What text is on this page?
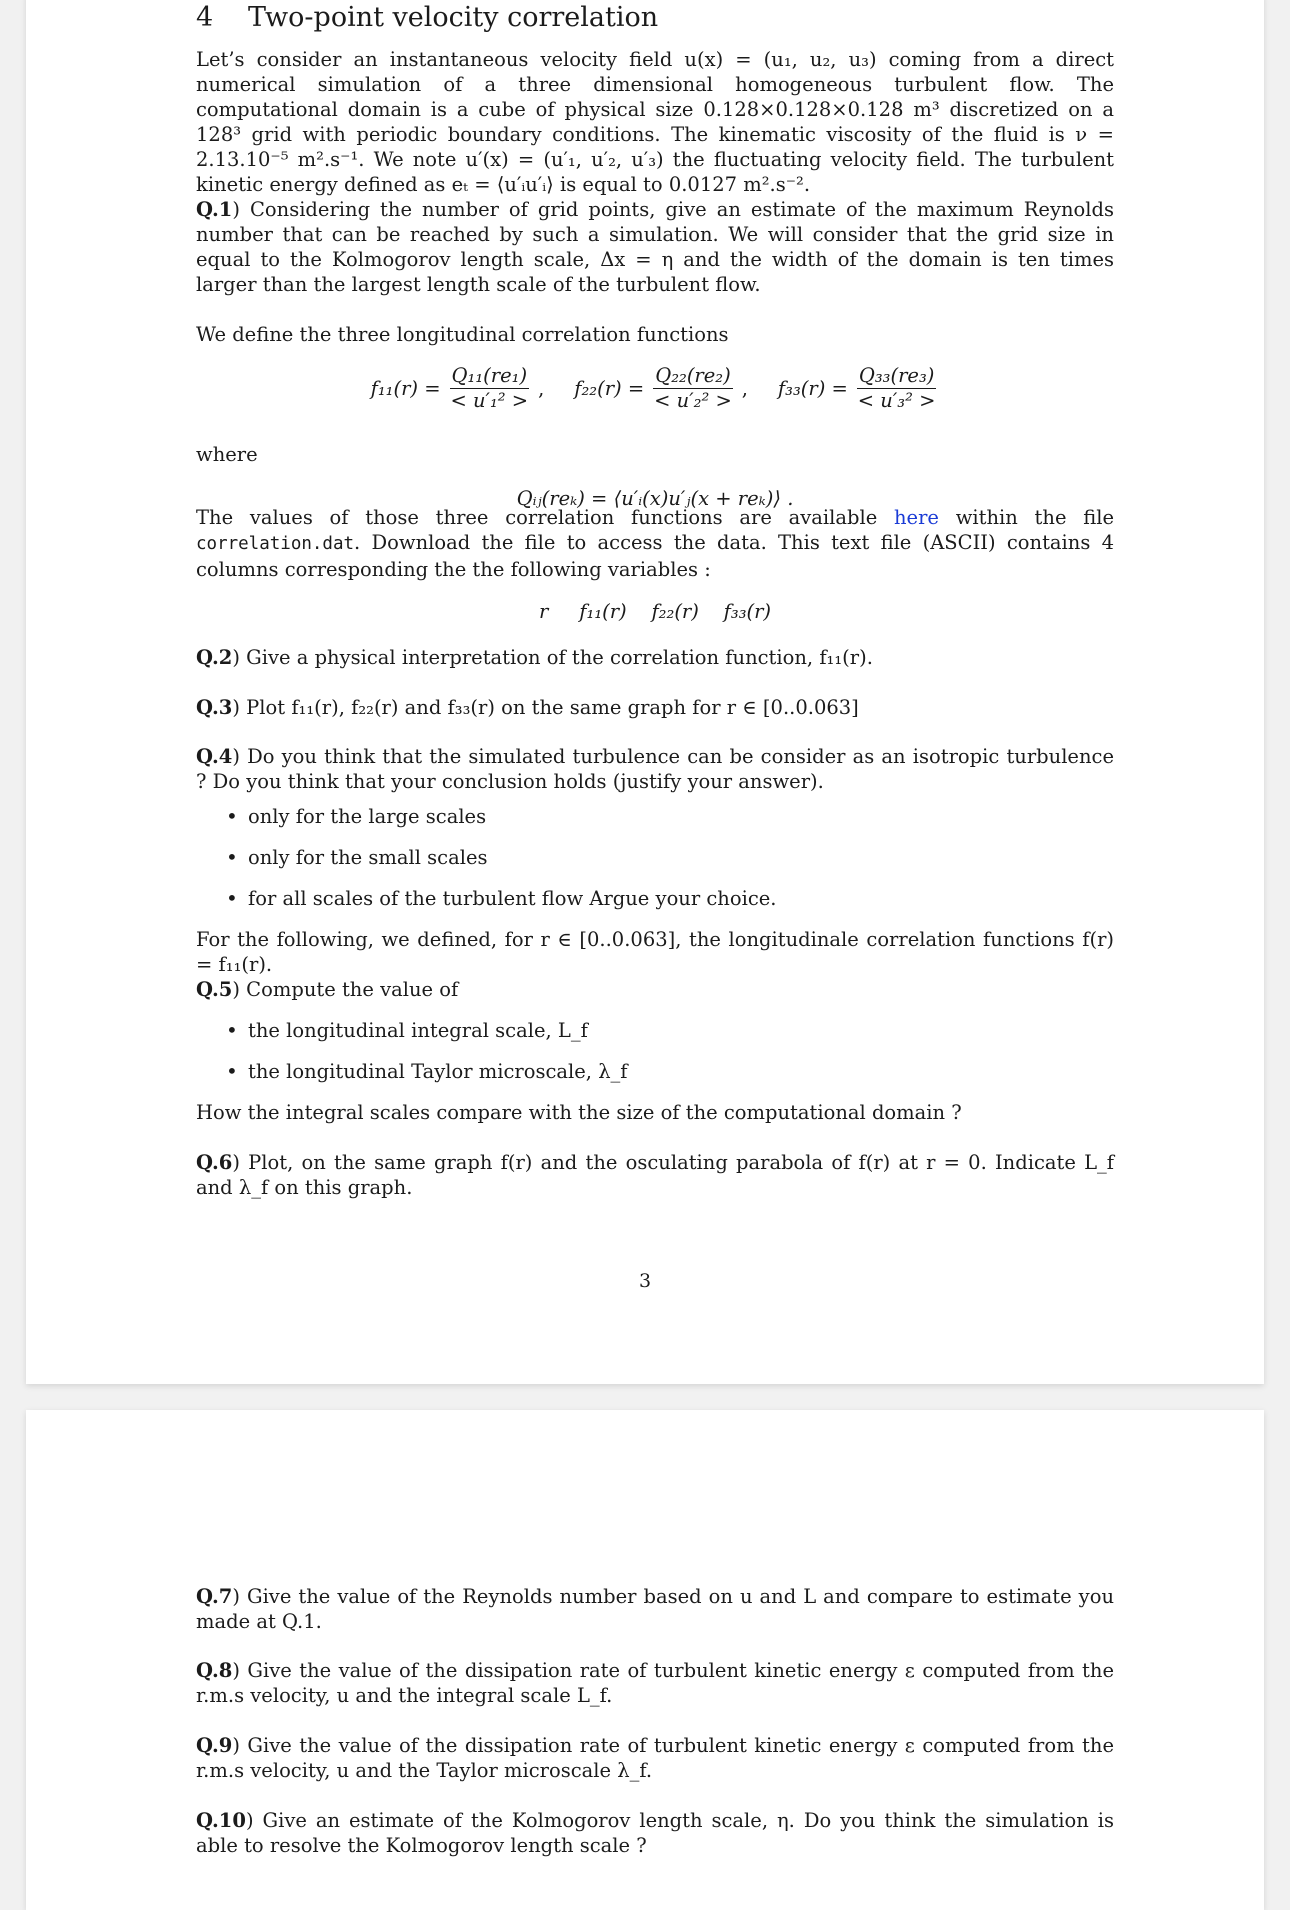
4 Two-point velocity correlation

Let’s consider an instantaneous velocity field u(x) = (u₁, u₂, u₃) coming from a direct numerical simulation of a three dimensional homogeneous turbulent flow. The computational domain is a cube of physical size 0.128×0.128×0.128 m³ discretized on a 128³ grid with periodic boundary conditions. The kinematic viscosity of the fluid is ν = 2.13.10⁻⁵ m².s⁻¹. We note u′(x) = (u′₁, u′₂, u′₃) the fluctuating velocity field. The turbulent kinetic energy defined as eₜ = ⟨u′ᵢu′ᵢ⟩ is equal to 0.0127 m².s⁻².

Q.1) Considering the number of grid points, give an estimate of the maximum Reynolds number that can be reached by such a simulation. We will consider that the grid size in equal to the Kolmogorov length scale, Δx = η and the width of the domain is ten times larger than the largest length scale of the turbulent flow.

We define the three longitudinal correlation functions

$f_{11}(r) = \frac{\text{Q₁₁(re₁)}}{\text{< u′₁² >}}$ , $f_{22}(r) = \frac{\text{Q₂₂(re₂)}}{\text{< u′₂² >}}$ , $f_{33}(r) = \frac{\text{Q₃₃(re₃)}}{\text{< u′₃² >}}$

where

Qᵢⱼ(reₖ) = ⟨u′ᵢ(x)u′ⱼ(x + reₖ)⟩ .

The values of those three correlation functions are available here within the file correlation.dat. Download the file to access the data. This text file (ASCII) contains 4 columns corresponding the the following variables :

r f₁₁(r) f₂₂(r) f₃₃(r)

Q.2) Give a physical interpretation of the correlation function, f₁₁(r).

Q.3) Plot f₁₁(r), f₂₂(r) and f₃₃(r) on the same graph for r ∈ [0..0.063]

Q.4) Do you think that the simulated turbulence can be consider as an isotropic turbulence ? Do you think that your conclusion holds (justify your answer).

• only for the large scales
• only for the small scales
• for all scales of the turbulent flow Argue your choice.

For the following, we defined, for r ∈ [0..0.063], the longitudinale correlation functions f(r) = f₁₁(r).

Q.5) Compute the value of

• the longitudinal integral scale, L_f
• the longitudinal Taylor microscale, λ_f

How the integral scales compare with the size of the computational domain ?

Q.6) Plot, on the same graph f(r) and the osculating parabola of f(r) at r = 0. Indicate L_f and λ_f on this graph.

3

Q.7) Give the value of the Reynolds number based on u and L and compare to estimate you made at Q.1.

Q.8) Give the value of the dissipation rate of turbulent kinetic energy ε computed from the r.m.s velocity, u and the integral scale L_f.

Q.9) Give the value of the dissipation rate of turbulent kinetic energy ε computed from the r.m.s velocity, u and the Taylor microscale λ_f.

Q.10) Give an estimate of the Kolmogorov length scale, η. Do you think the simulation is able to resolve the Kolmogorov length scale ?
